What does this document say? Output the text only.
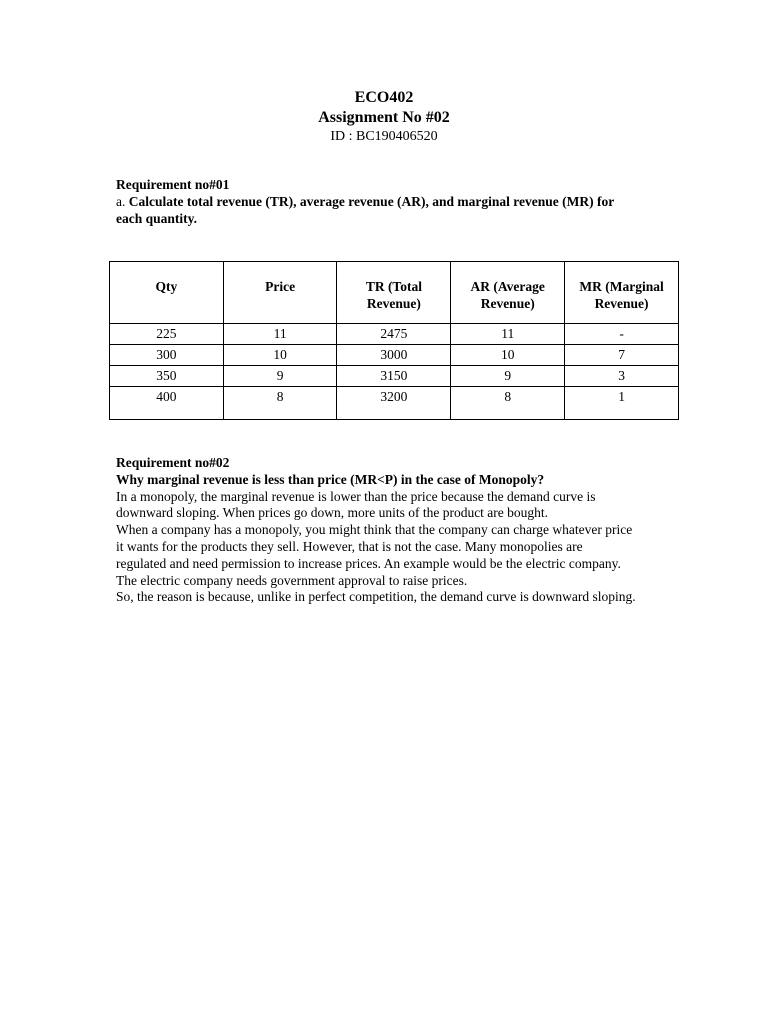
ECO402
Assignment No #02
ID : BC190406520
Requirement no#01
a. Calculate total revenue (TR), average revenue (AR), and marginal revenue (MR) for each quantity.
Qty	Price	TR (Total Revenue)	AR (Average Revenue)	MR (Marginal Revenue)
225	11	2475	11	-
300	10	3000	10	7
350	9	3150	9	3
400	8	3200	8	1
Requirement no#02
Why marginal revenue is less than price (MR<P) in the case of Monopoly?

In a monopoly, the marginal revenue is lower than the price because the demand curve is downward sloping. When prices go down, more units of the product are bought.

When a company has a monopoly, you might think that the company can charge whatever price it wants for the products they sell. However, that is not the case. Many monopolies are regulated and need permission to increase prices. An example would be the electric company. The electric company needs government approval to raise prices.

So, the reason is because, unlike in perfect competition, the demand curve is downward sloping.
